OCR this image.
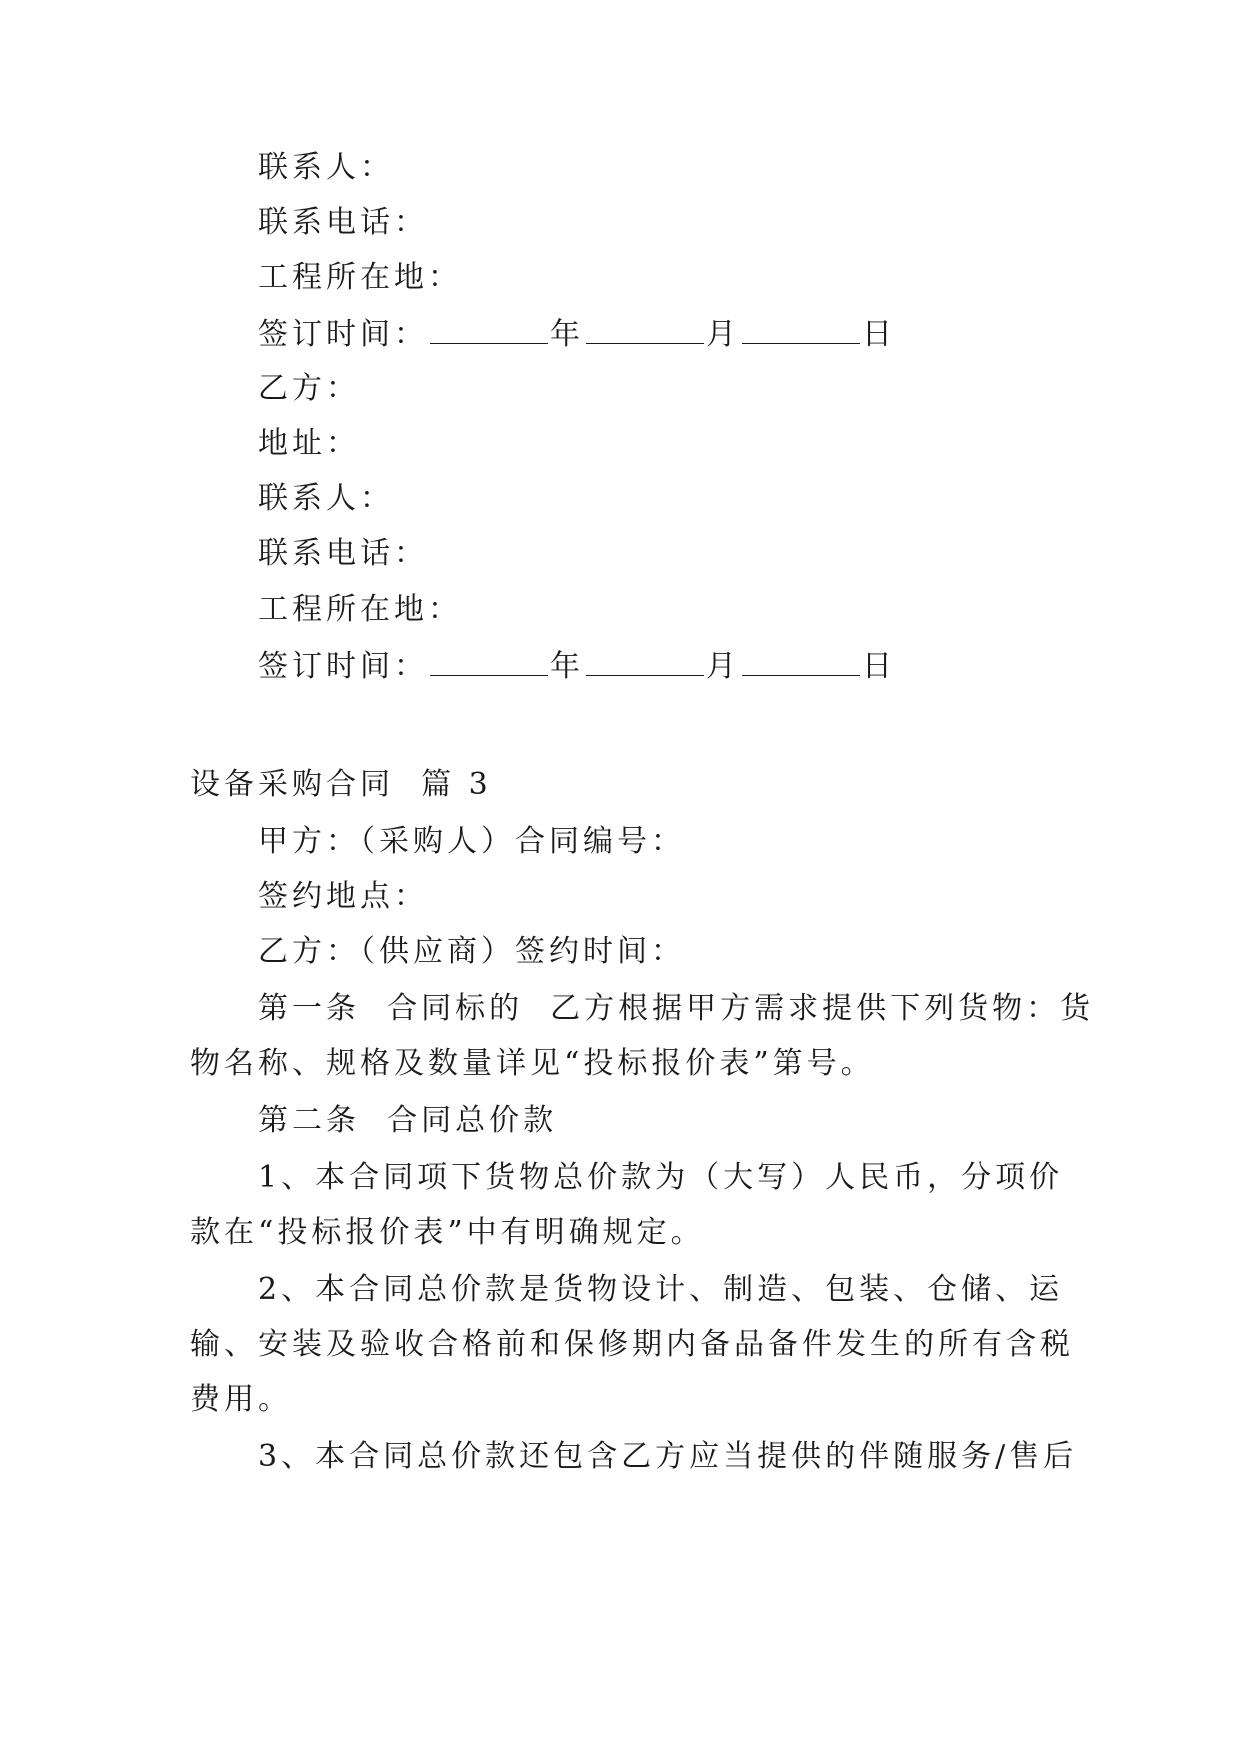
联系人：
联系电话：
工程所在地：
签订时间：	年	月	日
乙方：
地址：
联系人：
联系电话：
工程所在地：
签订时间：	年	月	日
设备采购合同  篇 3
甲方：（采购人）合同编号：
签约地点：
乙方：（供应商）签约时间：
第一条  合同标的  乙方根据甲方需求提供下列货物：货
物名称、规格及数量详见“投标报价表”第号。
第二条  合同总价款
1、本合同项下货物总价款为（大写）人民币，分项价
款在“投标报价表”中有明确规定。
2、本合同总价款是货物设计、制造、包装、仓储、运
输、安装及验收合格前和保修期内备品备件发生的所有含税
费用。
3、本合同总价款还包含乙方应当提供的伴随服务/售后
